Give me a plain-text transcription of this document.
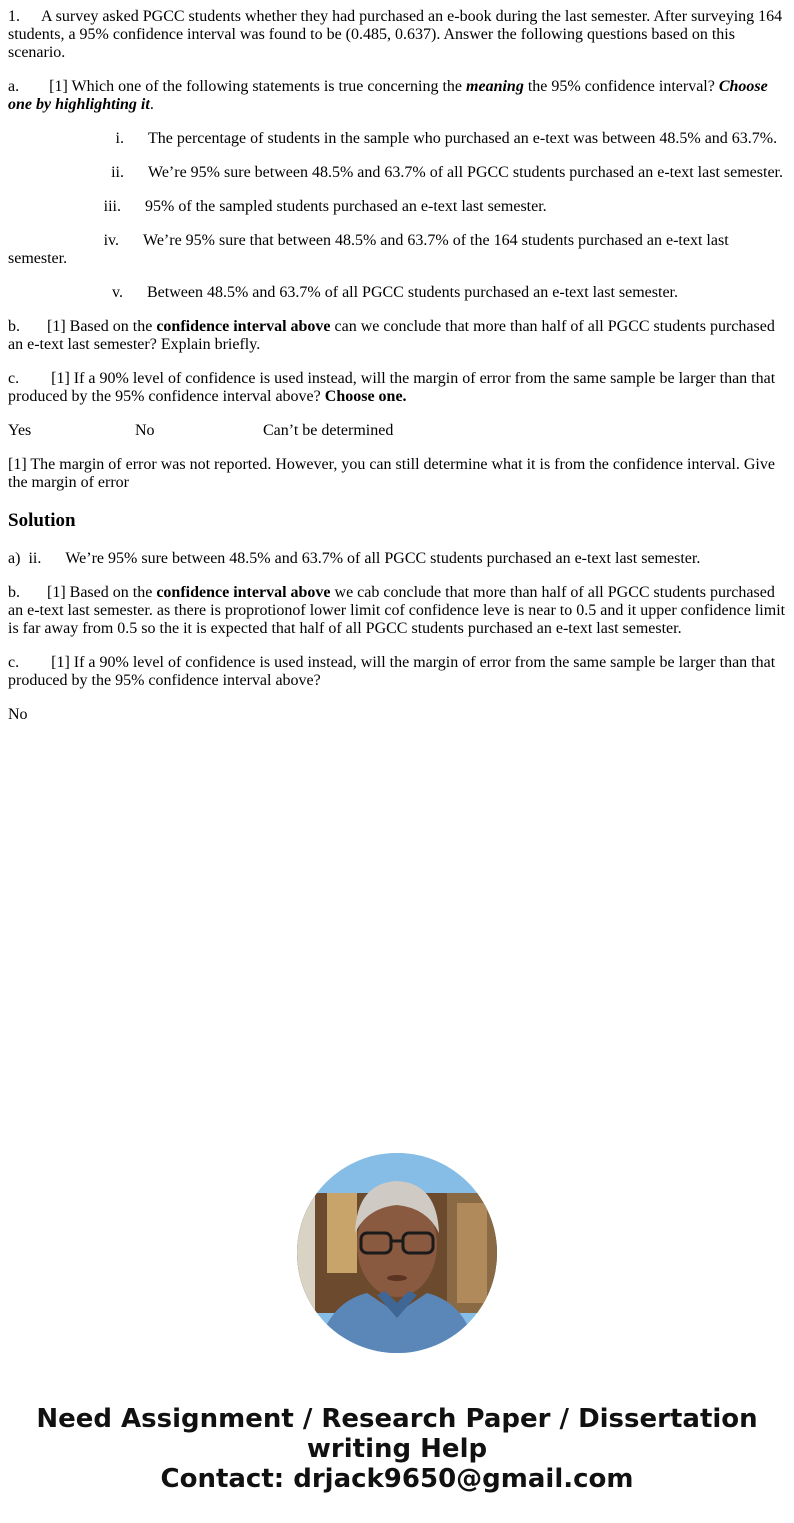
1. A survey asked PGCC students whether they had purchased an e-book during the last semester. After surveying 164 students, a 95% confidence interval was found to be (0.485, 0.637). Answer the following questions based on this scenario.

a. [1] Which one of the following statements is true concerning the meaning the 95% confidence interval? Choose one by highlighting it.

i. The percentage of students in the sample who purchased an e-text was between 48.5% and 63.7%.

ii. We’re 95% sure between 48.5% and 63.7% of all PGCC students purchased an e-text last semester.

iii. 95% of the sampled students purchased an e-text last semester.

iv. We’re 95% sure that between 48.5% and 63.7% of the 164 students purchased an e-text last semester.

v. Between 48.5% and 63.7% of all PGCC students purchased an e-text last semester.

b. [1] Based on the confidence interval above can we conclude that more than half of all PGCC students purchased an e-text last semester? Explain briefly.

c. [1] If a 90% level of confidence is used instead, will the margin of error from the same sample be larger than that produced by the 95% confidence interval above? Choose one.

Yes	No	Can’t be determined

[1] The margin of error was not reported. However, you can still determine what it is from the confidence interval. Give the margin of error

Solution

a) ii. We’re 95% sure between 48.5% and 63.7% of all PGCC students purchased an e-text last semester.

b. [1] Based on the confidence interval above we cab conclude that more than half of all PGCC students purchased an e-text last semester. as there is proprotionof lower limit cof confidence leve is near to 0.5 and it upper confidence limit is far away from 0.5 so the it is expected that half of all PGCC students purchased an e-text last semester.

c. [1] If a 90% level of confidence is used instead, will the margin of error from the same sample be larger than that produced by the 95% confidence interval above?

No

Need Assignment / Research Paper / Dissertation
writing Help
Contact: drjack9650@gmail.com
